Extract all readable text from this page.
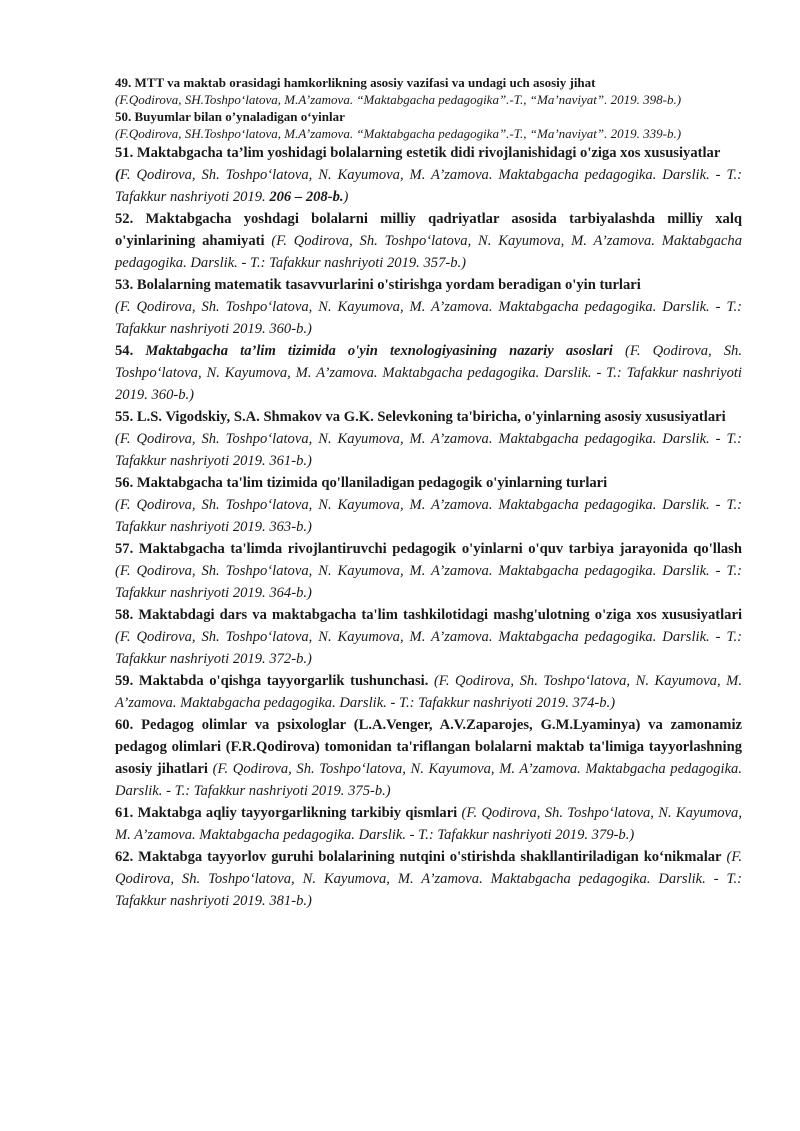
49. MTT va maktab orasidagi hamkorlikning asosiy vazifasi va undagi uch asosiy jihat

(F.Qodirova, SH.Toshpo‘latova, M.A’zamova. “Maktabgacha pedagogika”.-T., “Ma’naviyat”. 2019. 398-b.)

50. Buyumlar bilan o’ynaladigan o‘yinlar

(F.Qodirova, SH.Toshpo‘latova, M.A’zamova. “Maktabgacha pedagogika”.-T., “Ma’naviyat”. 2019. 339-b.)

51. Maktabgacha ta’lim yoshidagi bolalarning estetik didi rivojlanishidagi o'ziga xos xususiyatlar

(F. Qodirova, Sh. Toshpo‘latova, N. Kayumova, M. A’zamova. Maktabgacha pedagogika. Darslik. - T.: Tafakkur nashriyoti 2019. 206 – 208-b.)

52. Maktabgacha yoshdagi bolalarni milliy qadriyatlar asosida tarbiyalashda milliy xalq o'yinlarining ahamiyati (F. Qodirova, Sh. Toshpo‘latova, N. Kayumova, M. A’zamova. Maktabgacha pedagogika. Darslik. - T.: Tafakkur nashriyoti 2019. 357-b.)

53. Bolalarning matematik tasavvurlarini o'stirishga yordam beradigan o'yin turlari

(F. Qodirova, Sh. Toshpo‘latova, N. Kayumova, M. A’zamova. Maktabgacha pedagogika. Darslik. - T.: Tafakkur nashriyoti 2019. 360-b.)

54. Maktabgacha ta’lim tizimida o'yin texnologiyasining nazariy asoslari (F. Qodirova, Sh. Toshpo‘latova, N. Kayumova, M. A’zamova. Maktabgacha pedagogika. Darslik. - T.: Tafakkur nashriyoti 2019. 360-b.)

55. L.S. Vigodskiy, S.A. Shmakov va G.K. Selevkoning ta'biricha, o'yinlarning asosiy xususiyatlari

(F. Qodirova, Sh. Toshpo‘latova, N. Kayumova, M. A’zamova. Maktabgacha pedagogika. Darslik. - T.: Tafakkur nashriyoti 2019. 361-b.)

56. Maktabgacha ta'lim tizimida qo'llaniladigan pedagogik o'yinlarning turlari

(F. Qodirova, Sh. Toshpo‘latova, N. Kayumova, M. A’zamova. Maktabgacha pedagogika. Darslik. - T.: Tafakkur nashriyoti 2019. 363-b.)

57. Maktabgacha ta'limda rivojlantiruvchi pedagogik o'yinlarni o'quv tarbiya jarayonida qo'llash (F. Qodirova, Sh. Toshpo‘latova, N. Kayumova, M. A’zamova. Maktabgacha pedagogika. Darslik. - T.: Tafakkur nashriyoti 2019. 364-b.)

58. Maktabdagi dars va maktabgacha ta'lim tashkilotidagi mashg'ulotning o'ziga xos xususiyatlari (F. Qodirova, Sh. Toshpo‘latova, N. Kayumova, M. A’zamova. Maktabgacha pedagogika. Darslik. - T.: Tafakkur nashriyoti 2019. 372-b.)

59. Maktabda o'qishga tayyorgarlik tushunchasi. (F. Qodirova, Sh. Toshpo‘latova, N. Kayumova, M. A’zamova. Maktabgacha pedagogika. Darslik. - T.: Tafakkur nashriyoti 2019. 374-b.)

60. Pedagog olimlar va psixologlar (L.A.Venger, A.V.Zaparojes, G.M.Lyaminya) va zamonamiz pedagog olimlari (F.R.Qodirova) tomonidan ta'riflangan bolalarni maktab ta'limiga tayyorlashning asosiy jihatlari (F. Qodirova, Sh. Toshpo‘latova, N. Kayumova, M. A’zamova. Maktabgacha pedagogika. Darslik. - T.: Tafakkur nashriyoti 2019. 375-b.)

61. Maktabga aqliy tayyorgarlikning tarkibiy qismlari (F. Qodirova, Sh. Toshpo‘latova, N. Kayumova, M. A’zamova. Maktabgacha pedagogika. Darslik. - T.: Tafakkur nashriyoti 2019. 379-b.)

62. Maktabga tayyorlov guruhi bolalarining nutqini o'stirishda shakllantiriladigan ko‘nikmalar (F. Qodirova, Sh. Toshpo‘latova, N. Kayumova, M. A’zamova. Maktabgacha pedagogika. Darslik. - T.: Tafakkur nashriyoti 2019. 381-b.)
